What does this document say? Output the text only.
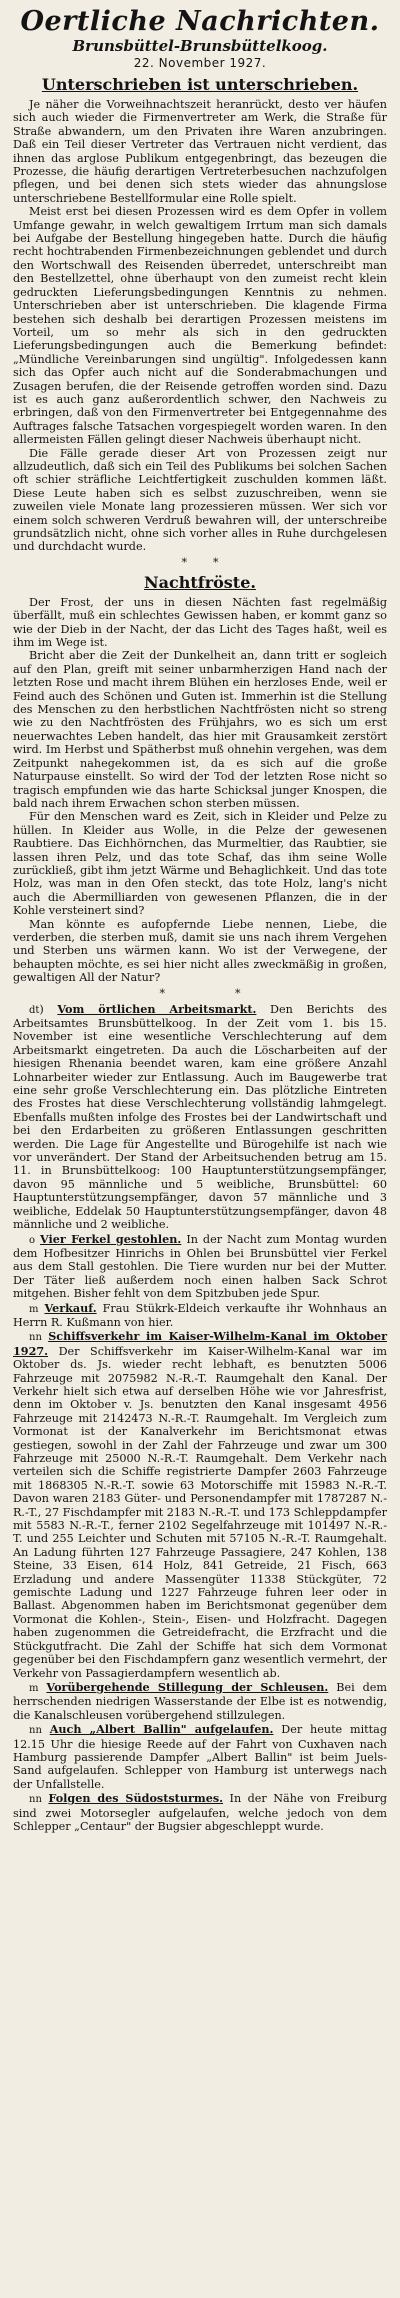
Oertliche Nachrichten.
Brunsbüttel-Brunsbüttelkoog.
22. November 1927.
Unterschrieben ist unterschrieben.

Je näher die Vorweihnachtszeit heranrückt, desto ver häufen sich auch wieder die Firmenvertreter am Werk, die Straße für Straße abwandern, um den Privaten ihre Waren anzubringen. Daß ein Teil dieser Vertreter das Vertrauen nicht verdient, das ihnen das arglose Publikum entgegenbringt, das bezeugen die Prozesse, die häufig derartigen Vertreterbesuchen nachzufolgen pflegen, und bei denen sich stets wieder das ahnungslose unterschriebene Bestellformular eine Rolle spielt.

Meist erst bei diesen Prozessen wird es dem Opfer in vollem Umfange gewahr, in welch gewaltigem Irrtum man sich damals bei Aufgabe der Bestellung hingegeben hatte. Durch die häufig recht hochtrabenden Firmenbezeichnungen geblendet und durch den Wortschwall des Reisenden überredet, unterschreibt man den Bestellzettel, ohne überhaupt von den zumeist recht klein gedruckten Lieferungsbedingungen Kenntnis zu nehmen. Unterschrieben aber ist unterschrieben. Die klagende Firma bestehen sich deshalb bei derartigen Prozessen meistens im Vorteil, um so mehr als sich in den gedruckten Lieferungsbedingungen auch die Bemerkung befindet: „Mündliche Vereinbarungen sind ungültig". Infolgedessen kann sich das Opfer auch nicht auf die Sonderabmachungen und Zusagen berufen, die der Reisende getroffen worden sind. Dazu ist es auch ganz außerordentlich schwer, den Nachweis zu erbringen, daß von den Firmenvertreter bei Entgegennahme des Auftrages falsche Tatsachen vorgespiegelt worden waren. In den allermeisten Fällen gelingt dieser Nachweis überhaupt nicht.

Die Fälle gerade dieser Art von Prozessen zeigt nur allzudeutlich, daß sich ein Teil des Publikums bei solchen Sachen oft schier sträfliche Leichtfertigkeit zuschulden kommen läßt. Diese Leute haben sich es selbst zuzuschreiben, wenn sie zuweilen viele Monate lang prozessieren müssen. Wer sich vor einem solch schweren Verdruß bewahren will, der unterschreibe grundsätzlich nicht, ohne sich vorher alles in Ruhe durchgelesen und durchdacht wurde.

**
Nachtfröste.

Der Frost, der uns in diesen Nächten fast regelmäßig überfällt, muß ein schlechtes Gewissen haben, er kommt ganz so wie der Dieb in der Nacht, der das Licht des Tages haßt, weil es ihm im Wege ist.

Bricht aber die Zeit der Dunkelheit an, dann tritt er sogleich auf den Plan, greift mit seiner unbarmherzigen Hand nach der letzten Rose und macht ihrem Blühen ein herzloses Ende, weil er Feind auch des Schönen und Guten ist. Immerhin ist die Stellung des Menschen zu den herbstlichen Nachtfrösten nicht so streng wie zu den Nachtfrösten des Frühjahrs, wo es sich um erst neuerwachtes Leben handelt, das hier mit Grausamkeit zerstört wird. Im Herbst und Spätherbst muß ohnehin vergehen, was dem Zeitpunkt nahegekommen ist, da es sich auf die große Naturpause einstellt. So wird der Tod der letzten Rose nicht so tragisch empfunden wie das harte Schicksal junger Knospen, die bald nach ihrem Erwachen schon sterben müssen.

Für den Menschen ward es Zeit, sich in Kleider und Pelze zu hüllen. In Kleider aus Wolle, in die Pelze der gewesenen Raubtiere. Das Eichhörnchen, das Murmeltier, das Raubtier, sie lassen ihren Pelz, und das tote Schaf, das ihm seine Wolle zurückließ, gibt ihm jetzt Wärme und Behaglichkeit. Und das tote Holz, was man in den Ofen steckt, das tote Holz, lang's nicht auch die Abermilliarden von gewesenen Pflanzen, die in der Kohle versteinert sind?

Man könnte es aufopfernde Liebe nennen, Liebe, die verderben, die sterben muß, damit sie uns nach ihrem Vergehen und Sterben uns wärmen kann. Wo ist der Verwegene, der behaupten möchte, es sei hier nicht alles zweckmäßig in großen, gewaltigen All der Natur?

**

dt) Vom örtlichen Arbeitsmarkt. Den Berichts des Arbeitsamtes Brunsbüttelkoog. In der Zeit vom 1. bis 15. November ist eine wesentliche Verschlechterung auf dem Arbeitsmarkt eingetreten. Da auch die Löscharbeiten auf der hiesigen Rhenania beendet waren, kam eine größere Anzahl Lohnarbeiter wieder zur Entlassung. Auch im Baugewerbe trat eine sehr große Verschlechterung ein. Das plötzliche Eintreten des Frostes hat diese Verschlechterung vollständig lahmgelegt. Ebenfalls mußten infolge des Frostes bei der Landwirtschaft und bei den Erdarbeiten zu größeren Entlassungen geschritten werden. Die Lage für Angestellte und Bürogehilfe ist nach wie vor unverändert. Der Stand der Arbeitsuchenden betrug am 15. 11. in Brunsbüttelkoog: 100 Hauptunterstützungsempfänger, davon 95 männliche und 5 weibliche, Brunsbüttel: 60 Hauptunterstützungsempfänger, davon 57 männliche und 3 weibliche, Eddelak 50 Hauptunterstützungsempfänger, davon 48 männliche und 2 weibliche.

o Vier Ferkel gestohlen. In der Nacht zum Montag wurden dem Hofbesitzer Hinrichs in Ohlen bei Brunsbüttel vier Ferkel aus dem Stall gestohlen. Die Tiere wurden nur bei der Mutter. Der Täter ließ außerdem noch einen halben Sack Schrot mitgehen. Bisher fehlt von dem Spitzbuben jede Spur.

m Verkauf. Frau Stükrk-Eldeich verkaufte ihr Wohnhaus an Herrn R. Kußmann von hier.

nn Schiffsverkehr im Kaiser-Wilhelm-Kanal im Oktober 1927. Der Schiffsverkehr im Kaiser-Wilhelm-Kanal war im Oktober ds. Js. wieder recht lebhaft, es benutzten 5006 Fahrzeuge mit 2075982 N.-R.-T. Raumgehalt den Kanal. Der Verkehr hielt sich etwa auf derselben Höhe wie vor Jahresfrist, denn im Oktober v. Js. benutzten den Kanal insgesamt 4956 Fahrzeuge mit 2142473 N.-R.-T. Raumgehalt. Im Vergleich zum Vormonat ist der Kanalverkehr im Berichtsmonat etwas gestiegen, sowohl in der Zahl der Fahrzeuge und zwar um 300 Fahrzeuge mit 25000 N.-R.-T. Raumgehalt. Dem Verkehr nach verteilen sich die Schiffe registrierte Dampfer 2603 Fahrzeuge mit 1868305 N.-R.-T. sowie 63 Motorschiffe mit 15983 N.-R.-T. Davon waren 2183 Güter- und Personendampfer mit 1787287 N.-R.-T., 27 Fischdampfer mit 2183 N.-R.-T. und 173 Schleppdampfer mit 5583 N.-R.-T., ferner 2102 Segelfahrzeuge mit 101497 N.-R.-T. und 255 Leichter und Schuten mit 57105 N.-R.-T. Raumgehalt. An Ladung führten 127 Fahrzeuge Passagiere, 247 Kohlen, 138 Steine, 33 Eisen, 614 Holz, 841 Getreide, 21 Fisch, 663 Erzladung und andere Massengüter 11338 Stückgüter, 72 gemischte Ladung und 1227 Fahrzeuge fuhren leer oder in Ballast. Abgenommen haben im Berichtsmonat gegenüber dem Vormonat die Kohlen-, Stein-, Eisen- und Holzfracht. Dagegen haben zugenommen die Getreidefracht, die Erzfracht und die Stückgutfracht. Die Zahl der Schiffe hat sich dem Vormonat gegenüber bei den Fischdampfern ganz wesentlich vermehrt, der Verkehr von Passagierdampfern wesentlich ab.

m Vorübergehende Stillegung der Schleusen. Bei dem herrschenden niedrigen Wasserstande der Elbe ist es notwendig, die Kanalschleusen vorübergehend stillzulegen.

nn Auch „Albert Ballin" aufgelaufen. Der heute mittag 12.15 Uhr die hiesige Reede auf der Fahrt von Cuxhaven nach Hamburg passierende Dampfer „Albert Ballin" ist beim Juels-Sand aufgelaufen. Schlepper von Hamburg ist unterwegs nach der Unfallstelle.

nn Folgen des Südoststurmes. In der Nähe von Freiburg sind zwei Motorsegler aufgelaufen, welche jedoch von dem Schlepper „Centaur" der Bugsier abgeschleppt wurde.
